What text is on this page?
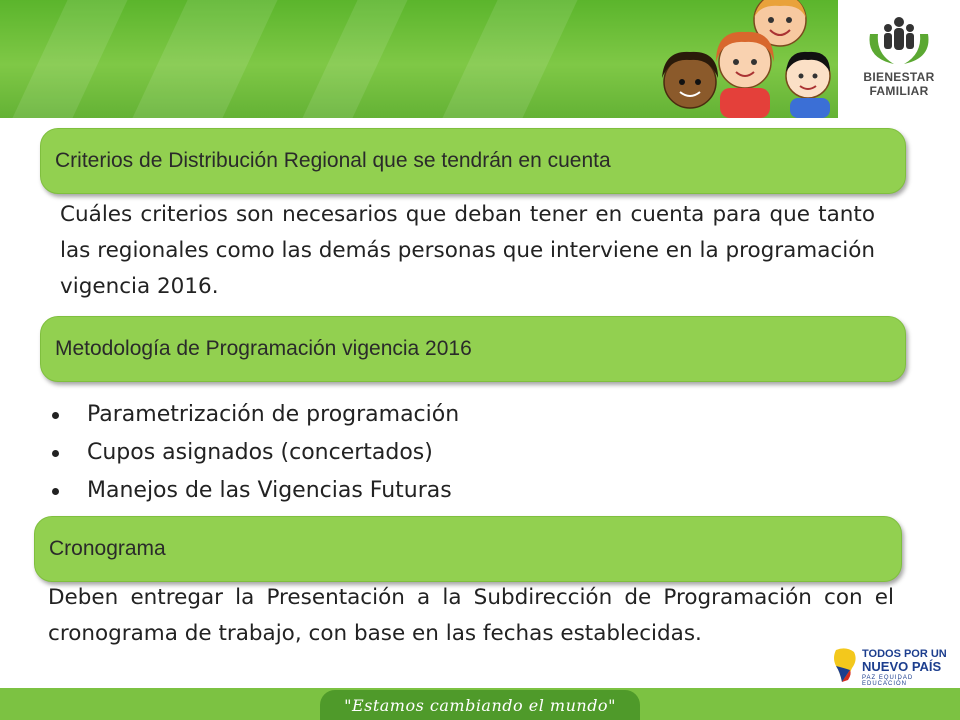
BIENESTAR
FAMILIAR
Criterios de Distribución Regional que se tendrán en cuenta
Cuáles criterios son necesarios que deban tener en cuenta para que tanto las regionales como las demás personas que interviene en la programación vigencia 2016.
Metodología de Programación vigencia 2016
Parametrización de programación
Cupos asignados (concertados)
Manejos de las Vigencias Futuras
Cronograma
Deben entregar la Presentación a la Subdirección de Programación con el cronograma de trabajo, con base en las fechas establecidas.
TODOS POR UN
NUEVO PAÍS
PAZ EQUIDAD EDUCACIÓN
"Estamos cambiando el mundo"
